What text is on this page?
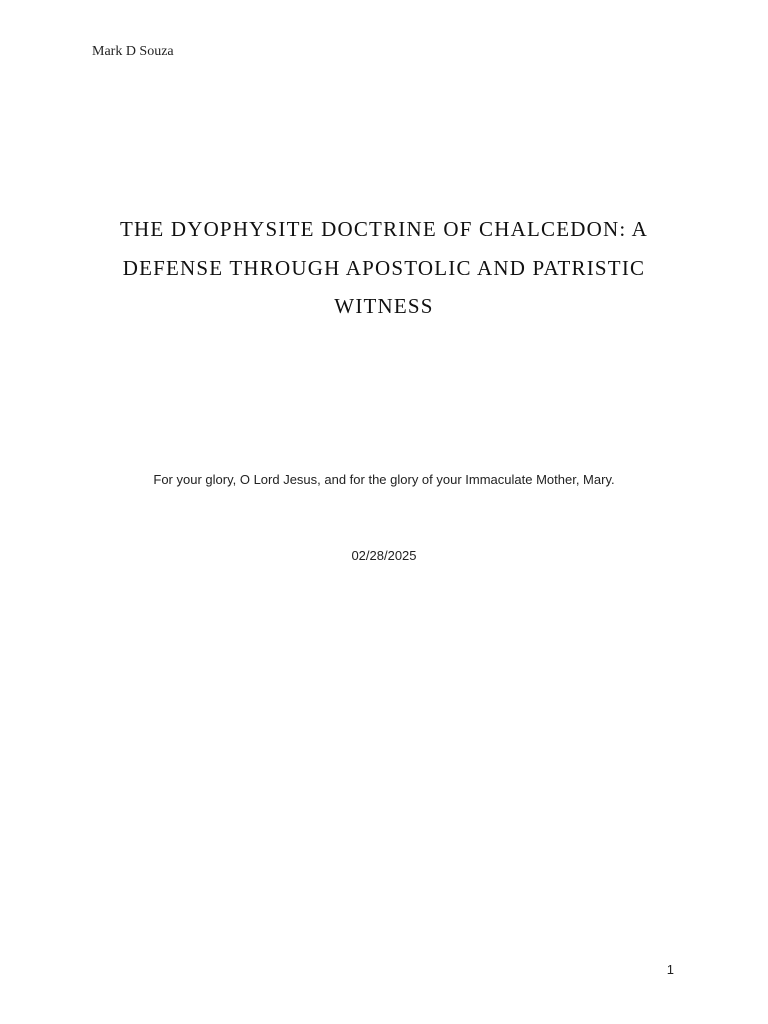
Mark D Souza
THE DYOPHYSITE DOCTRINE OF CHALCEDON: A
DEFENSE THROUGH APOSTOLIC AND PATRISTIC
WITNESS
For your glory, O Lord Jesus, and for the glory of your Immaculate Mother, Mary.
02/28/2025
1
